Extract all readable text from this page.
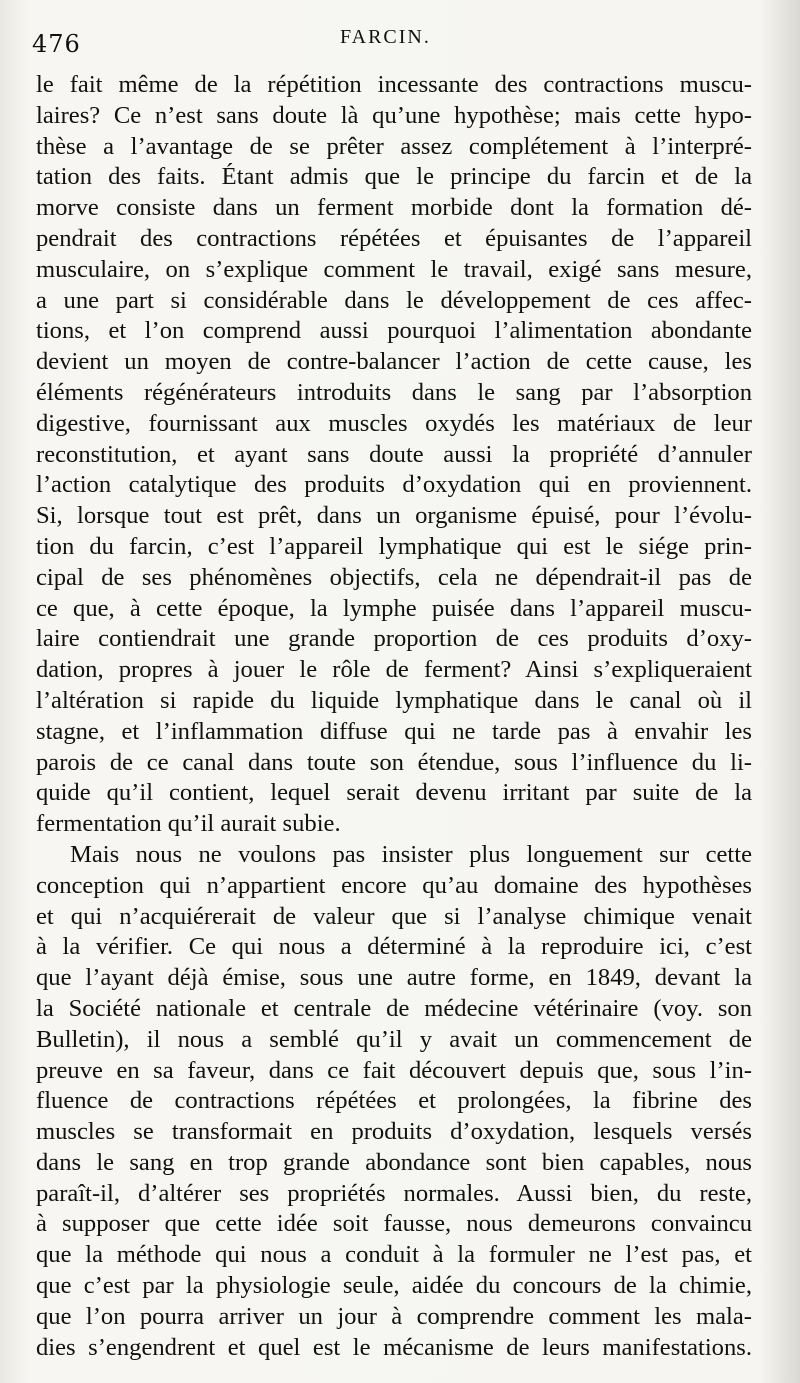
476	FARCIN.
le fait même de la répétition incessante des contractions muscu-
laires? Ce n’est sans doute là qu’une hypothèse; mais cette hypo-
thèse a l’avantage de se prêter assez complétement à l’interpré-
tation des faits. Étant admis que le principe du farcin et de la
morve consiste dans un ferment morbide dont la formation dé-
pendrait des contractions répétées et épuisantes de l’appareil
musculaire, on s’explique comment le travail, exigé sans mesure,
a une part si considérable dans le développement de ces affec-
tions, et l’on comprend aussi pourquoi l’alimentation abondante
devient un moyen de contre-balancer l’action de cette cause, les
éléments régénérateurs introduits dans le sang par l’absorption
digestive, fournissant aux muscles oxydés les matériaux de leur
reconstitution, et ayant sans doute aussi la propriété d’annuler
l’action catalytique des produits d’oxydation qui en proviennent.
Si, lorsque tout est prêt, dans un organisme épuisé, pour l’évolu-
tion du farcin, c’est l’appareil lymphatique qui est le siége prin-
cipal de ses phénomènes objectifs, cela ne dépendrait-il pas de
ce que, à cette époque, la lymphe puisée dans l’appareil muscu-
laire contiendrait une grande proportion de ces produits d’oxy-
dation, propres à jouer le rôle de ferment? Ainsi s’expliqueraient
l’altération si rapide du liquide lymphatique dans le canal où il
stagne, et l’inflammation diffuse qui ne tarde pas à envahir les
parois de ce canal dans toute son étendue, sous l’influence du li-
quide qu’il contient, lequel serait devenu irritant par suite de la
fermentation qu’il aurait subie.
Mais nous ne voulons pas insister plus longuement sur cette
conception qui n’appartient encore qu’au domaine des hypothèses
et qui n’acquiérerait de valeur que si l’analyse chimique venait
à la vérifier. Ce qui nous a déterminé à la reproduire ici, c’est
que l’ayant déjà émise, sous une autre forme, en 1849, devant la
la Société nationale et centrale de médecine vétérinaire (voy. son
Bulletin), il nous a semblé qu’il y avait un commencement de
preuve en sa faveur, dans ce fait découvert depuis que, sous l’in-
fluence de contractions répétées et prolongées, la fibrine des
muscles se transformait en produits d’oxydation, lesquels versés
dans le sang en trop grande abondance sont bien capables, nous
paraît-il, d’altérer ses propriétés normales. Aussi bien, du reste,
à supposer que cette idée soit fausse, nous demeurons convaincu
que la méthode qui nous a conduit à la formuler ne l’est pas, et
que c’est par la physiologie seule, aidée du concours de la chimie,
que l’on pourra arriver un jour à comprendre comment les mala-
dies s’engendrent et quel est le mécanisme de leurs manifestations.
